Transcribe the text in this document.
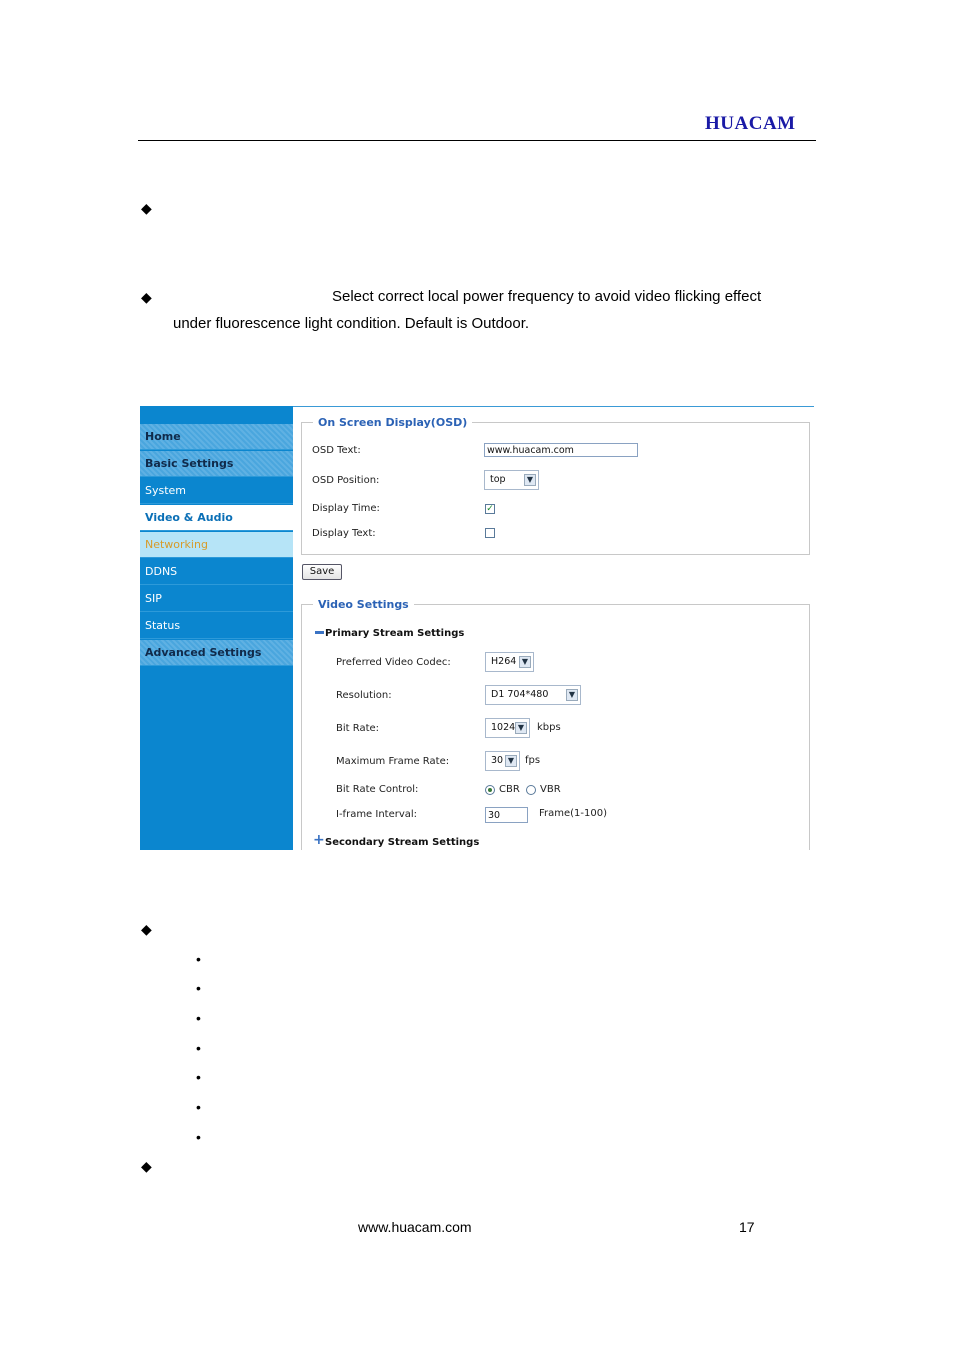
HUACAM
◆
◆	Select correct local power frequency to avoid video flicking effect
under fluorescence light condition. Default is Outdoor.
Home
Basic Settings
System
Video & Audio
Networking
DDNS
SIP
Status
Advanced Settings
On Screen Display(OSD)
OSD Text:	www.huacam.com
OSD Position:	top	▼
Display Time:	✓
Display Text:
Save
Video Settings
Primary Stream Settings
Preferred Video Codec:	H264 ▼
Resolution:	D1 704*480	▼
Bit Rate:	1024 ▼ kbps
Maximum Frame Rate:	30 ▼ fps
Bit Rate Control:	CBR VBR
I-frame Interval:	30	Frame(1-100)
+ Secondary Stream Settings
◆
•
•
•
•
•
•
•
◆
www.huacam.com	17
